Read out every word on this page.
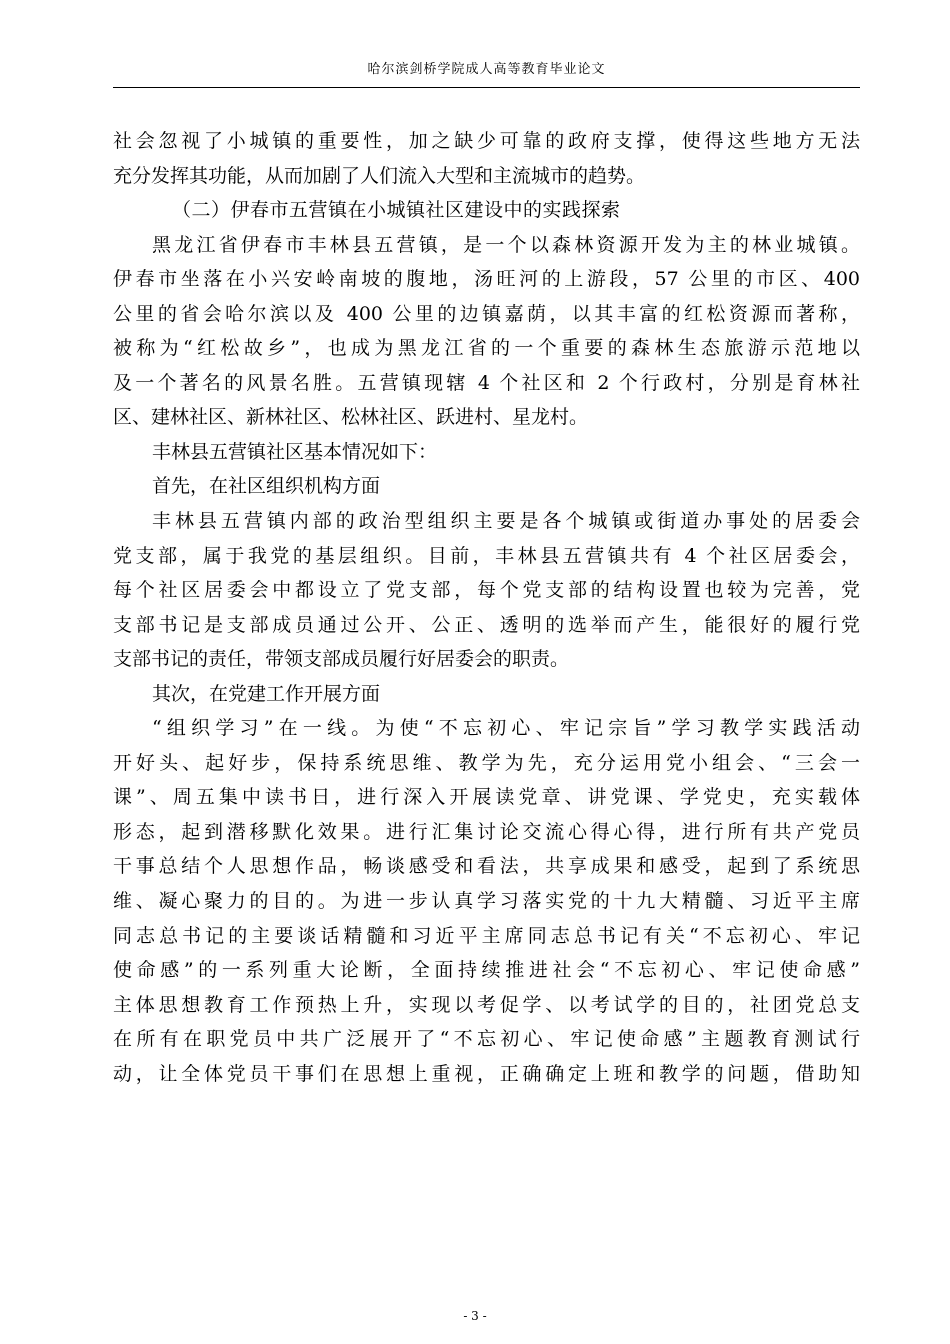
哈尔滨剑桥学院成人高等教育毕业论文
社会忽视了小城镇的重要性，加之缺少可靠的政府支撑，使得这些地方无法
充分发挥其功能，从而加剧了人们流入大型和主流城市的趋势。
（二）伊春市五营镇在小城镇社区建设中的实践探索
黑龙江省伊春市丰林县五营镇，是一个以森林资源开发为主的林业城镇。
伊春市坐落在小兴安岭南坡的腹地，汤旺河的上游段，57 公里的市区、400
公里的省会哈尔滨以及 400 公里的边镇嘉荫，以其丰富的红松资源而著称，
被称为“红松故乡”，也成为黑龙江省的一个重要的森林生态旅游示范地以
及一个著名的风景名胜。五营镇现辖 4 个社区和 2 个行政村，分别是育林社
区、建林社区、新林社区、松林社区、跃进村、星龙村。
丰林县五营镇社区基本情况如下：
首先，在社区组织机构方面
丰林县五营镇内部的政治型组织主要是各个城镇或街道办事处的居委会
党支部，属于我党的基层组织。目前，丰林县五营镇共有 4 个社区居委会，
每个社区居委会中都设立了党支部，每个党支部的结构设置也较为完善，党
支部书记是支部成员通过公开、公正、透明的选举而产生，能很好的履行党
支部书记的责任，带领支部成员履行好居委会的职责。
其次，在党建工作开展方面
“组织学习”在一线。为使“不忘初心、牢记宗旨”学习教学实践活动
开好头、起好步，保持系统思维、教学为先，充分运用党小组会、“三会一
课”、周五集中读书日，进行深入开展读党章、讲党课、学党史，充实载体
形态，起到潜移默化效果。进行汇集讨论交流心得心得，进行所有共产党员
干事总结个人思想作品，畅谈感受和看法，共享成果和感受，起到了系统思
维、凝心聚力的目的。为进一步认真学习落实党的十九大精髓、习近平主席
同志总书记的主要谈话精髓和习近平主席同志总书记有关“不忘初心、牢记
使命感”的一系列重大论断，全面持续推进社会“不忘初心、牢记使命感”
主体思想教育工作预热上升，实现以考促学、以考试学的目的，社团党总支
在所有在职党员中共广泛展开了“不忘初心、牢记使命感”主题教育测试行
动，让全体党员干事们在思想上重视，正确确定上班和教学的问题，借助知
- 3 -
